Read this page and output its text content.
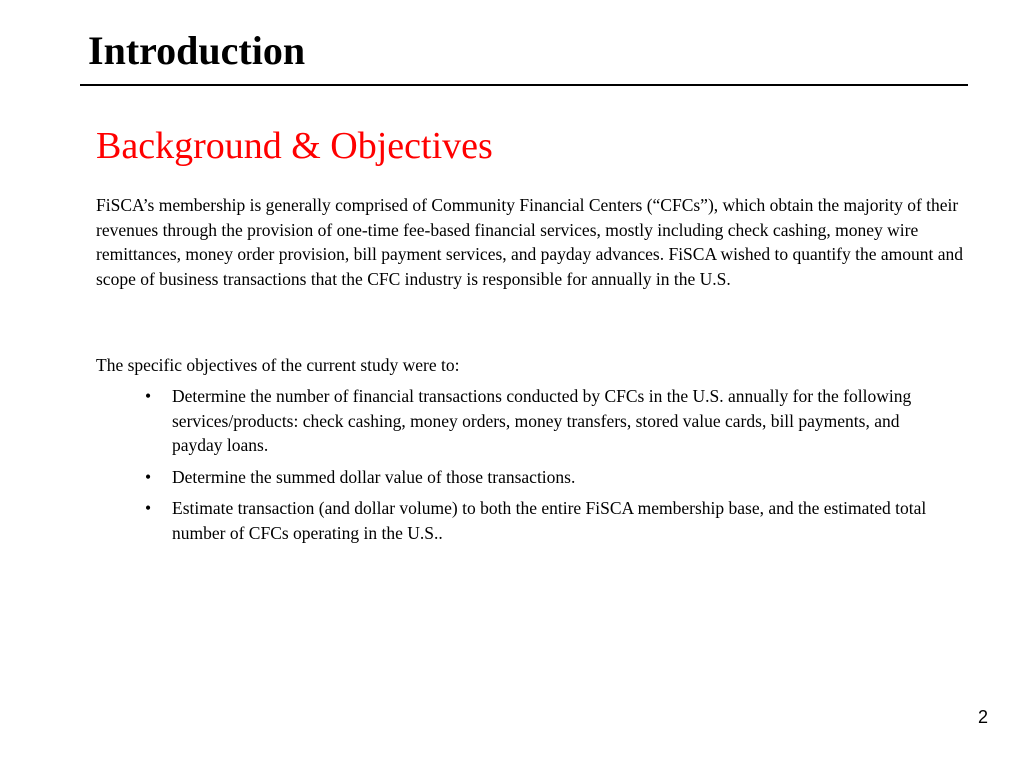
Introduction
Background & Objectives

FiSCA’s membership is generally comprised of Community Financial Centers (“CFCs”), which obtain the majority of their revenues through the provision of one-time fee-based financial services, mostly including check cashing, money wire remittances, money order provision, bill payment services, and payday advances. FiSCA wished to quantify the amount and scope of business transactions that the CFC industry is responsible for annually in the U.S.

The specific objectives of the current study were to:

• Determine the number of financial transactions conducted by CFCs in the U.S. annually for the following services/products: check cashing, money orders, money transfers, stored value cards, bill payments, and payday loans.
• Determine the summed dollar value of those transactions.
• Estimate transaction (and dollar volume) to both the entire FiSCA membership base, and the estimated total number of CFCs operating in the U.S..
2
